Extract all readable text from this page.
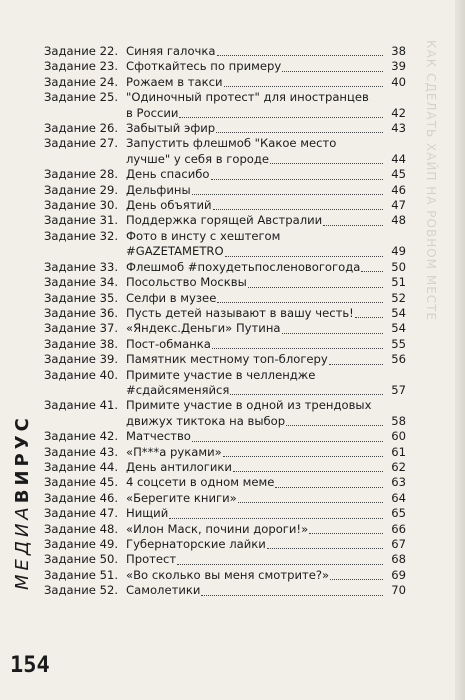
КАК СДЕЛАТЬ ХАЙП НА РОВНОМ МЕСТЕ
Задание 22. Синяя галочка	38
Задание 23. Сфоткайтесь по примеру	39
Задание 24. Рожаем в такси	40
Задание 25. "Одиночный протест" для иностранцев
в России	42
Задание 26. Забытый эфир	43
Задание 27. Запустить флешмоб "Какое место
лучше" у себя в городе	44
Задание 28. День спасибо	45
Задание 29. Дельфины	46
Задание 30. День объятий	47
Задание 31. Поддержка горящей Австралии	48
Задание 32. Фото в инсту с хештегом
#GAZETAMETRO	49
Задание 33. Флешмоб #похудетьпосленовогогода	50
Задание 34. Посольство Москвы	51
Задание 35. Селфи в музее	52
Задание 36. Пусть детей называют в вашу честь!	54
Задание 37. «Яндекс.Деньги» Путина	54
Задание 38. Пост-обманка	55
Задание 39. Памятник местному топ-блогеру	56
Задание 40. Примите участие в челлендже
#сдайсяменяйся	57
Задание 41. Примите участие в одной из трендовых
движух тиктока на выбор	58
Задание 42. Матчество	60
Задание 43. «П***а руками»	61
Задание 44. День антилогики	62
Задание 45. 4 соцсети в одном меме	63
Задание 46. «Берегите книги»	64
Задание 47. Нищий	65
Задание 48. «Илон Маск, почини дороги!»	66
Задание 49. Губернаторские лайки	67
Задание 50. Протест	68
Задание 51. «Во сколько вы меня смотрите?»	69
Задание 52. Самолетики	70
МЕДИАВИРУС
154
